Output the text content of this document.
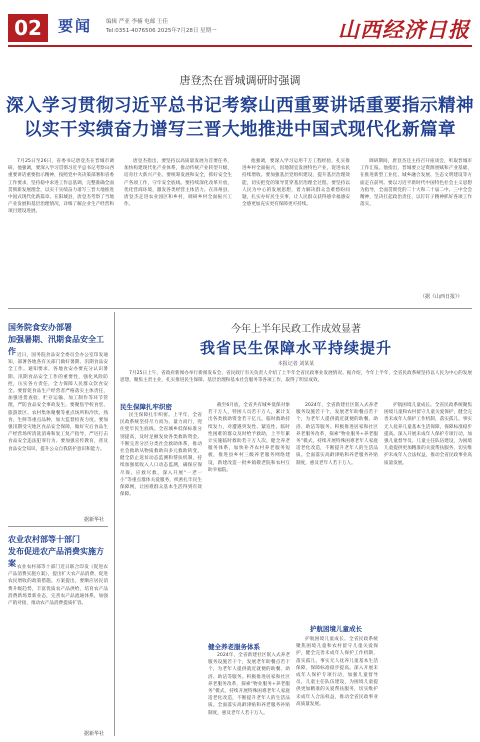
02	要闻	编辑 严亚 李楠 电邮 王佳
Tel:0351-4076506 2025年7月28日 星期一	山西经济日报
唐登杰在晋城调研时强调
深入学习贯彻习近平总书记考察山西重要讲话重要指示精神
以实干实绩奋力谱写三晋大地推进中国式现代化新篇章

7月25日至26日，省委书记唐登杰在晋城市调研。他强调，要深入学习贯彻习近平总书记考察山西重要讲话重要指示精神，按照党中央决策部署和省委工作要求，坚持稳中求进工作总基调，完整准确全面贯彻新发展理念，以实干实绩奋力谱写三晋大地推进中国式现代化新篇章。在阳城县，唐登杰考察了当地产业发展和基层治理情况，详细了解企业生产经营和项目建设进展。

唐登杰指出，要坚持以高质量发展为首要任务，加快构建现代化产业体系，推动传统产业转型升级，培育壮大新兴产业。要统筹发展和安全，抓好安全生产各项工作，守牢安全底线。要持续深化改革开放，优化营商环境，激发各类经营主体活力。在泽州县，唐登杰走进农业园区和乡村，调研乡村全面振兴工作。

他强调，要深入学习运用千万工程经验，扎实推进乡村全面振兴，因地制宜发展特色产业，促进农民持续增收。要加强基层党组织建设，提升基层治理效能，切实把党的领导贯穿基层治理全过程。要坚持以人民为中心的发展思想，着力解决群众急难愁盼问题，扎实办好民生实事，让人民群众获得感幸福感安全感更加充实更有保障更可持续。

调研期间，唐登杰还主持召开座谈会，听取晋城市工作汇报。他指出，晋城要立足资源禀赋和产业基础，在推进新型工业化、城乡融合发展、生态文明建设等方面走在前列。要以习近平新时代中国特色社会主义思想为指导，全面贯彻党的二十大和二十届二中、三中全会精神，坚决扛起政治责任，以钉钉子精神抓好各项工作落实。

（据《山西日报》）
国务院食安办部署
加强暑期、汛期食品安全工作 近日，国务院食品安全委员会办公室印发通知，部署各地各有关部门做好暑期、汛期食品安全工作。通知要求，各地食安办要充分认识暑期、汛期食品安全工作的重要性，强化风险防控，压实各方责任，全力保障人民群众饮食安全。要督促食品生产经营者严格落实主体责任，加强进货查验、贮存运输、加工制作等环节管理，严防食品安全事故发生。要聚焦学校食堂、旅游景区、农村集体聚餐等重点场所和冷饮、熟食、生鲜等重点品种，加大监督检查力度。要加强汛期受灾地区食品安全保障，做好灾后食品生产经营场所清洗消毒和复工复产指导，严厉打击食品安全违法犯罪行为。要加强宣传教育，普及食品安全知识，提升公众自我防护意识和能力。

据新华社
农业农村部等十部门
发布促进农产品消费实施方案 农业农村部等十部门近日联合印发《促进农产品消费实施方案》，提出扩大农产品消费、促进农民增收的政策措施。方案提出，要顺应居民消费升级趋势，丰富优质农产品供给，培育农产品消费新场景新业态，完善农产品流通体系，加强产销对接，推动农产品消费提质扩容。

据新华社
今年上半年民政工作成效显著
我省民生保障水平持续提升
本报记者 刘某某

7月25日上午，省政府新闻办举行新闻发布会，省民政厅有关负责人介绍了上半年全省民政事业发展情况。据介绍，今年上半年，全省民政系统坚持以人民为中心的发展思想，聚焦主责主业，扎实推进民生保障、基层治理和基本社会服务等各项工作，取得了明显成效。

民生保障扎牢织密

民生保障扎牢织密。上半年，全省民政系统坚持尽力而为、量力而行，兜住兜牢民生底线。全省城乡低保标准分别提高，及时足额发放各类救助资金。不断完善分层分类社会救助体系，推动社会救助从物质救助向多元救助转变，健全防止返贫动态监测和帮扶机制，持续加强低收入人口动态监测，确保应保尽保、应救尽救。深入开展“一老一小”等重点群体关爱服务，织密扎牢民生保障网，让困难群众基本生活得到有效保障。

截至6月底，全省共有城乡低保对象若干万人，特困人员若干万人，累计支出各类救助资金若干亿元。临时救助持续发力，对遭遇突发性、紧迫性、临时性困难的群众及时给予救助，上半年累计实施临时救助若干万人次。健全养老服务体系，加快补齐农村养老服务短板，推进县乡村三级养老服务网络建设，新建改造一批乡镇敬老院和农村互助幸福院。

健全养老服务体系

2024年，全省新建社区嵌入式养老服务设施若干个，发展老年助餐点若干个，为老年人提供就近就便的助餐、助浴、助洁等服务。积极推进居家和社区养老服务改革，探索“物业服务+养老服务”模式，持续开展特殊困难老年人家庭适老化改造，不断提升老年人的生活品质。全面落实高龄津贴和养老服务补贴制度，惠及老年人若干万人。

2024年，全省新建社区嵌入式养老服务设施若干个，发展老年助餐点若干个，为老年人提供就近就便的助餐、助浴、助洁等服务。积极推进居家和社区养老服务改革，探索“物业服务+养老服务”模式，持续开展特殊困难老年人家庭适老化改造，不断提升老年人的生活品质。全面落实高龄津贴和养老服务补贴制度，惠及老年人若干万人。

护航困境儿童成长

护航困境儿童成长。全省民政系统聚焦困境儿童和农村留守儿童关爱保护，健全完善未成年人保护工作机制，落实孤儿、事实无人抚养儿童基本生活保障，保障标准稳步提高。深入开展未成年人保护专项行动，加强儿童督导员、儿童主任队伍建设，为困境儿童提供更加精准的关爱帮扶服务，切实维护未成年人合法权益，推动全省民政事业高质量发展。

护航困境儿童成长。全省民政系统聚焦困境儿童和农村留守儿童关爱保护，健全完善未成年人保护工作机制，落实孤儿、事实无人抚养儿童基本生活保障，保障标准稳步提高。深入开展未成年人保护专项行动，加强儿童督导员、儿童主任队伍建设，为困境儿童提供更加精准的关爱帮扶服务，切实维护未成年人合法权益，推动全省民政事业高质量发展。
